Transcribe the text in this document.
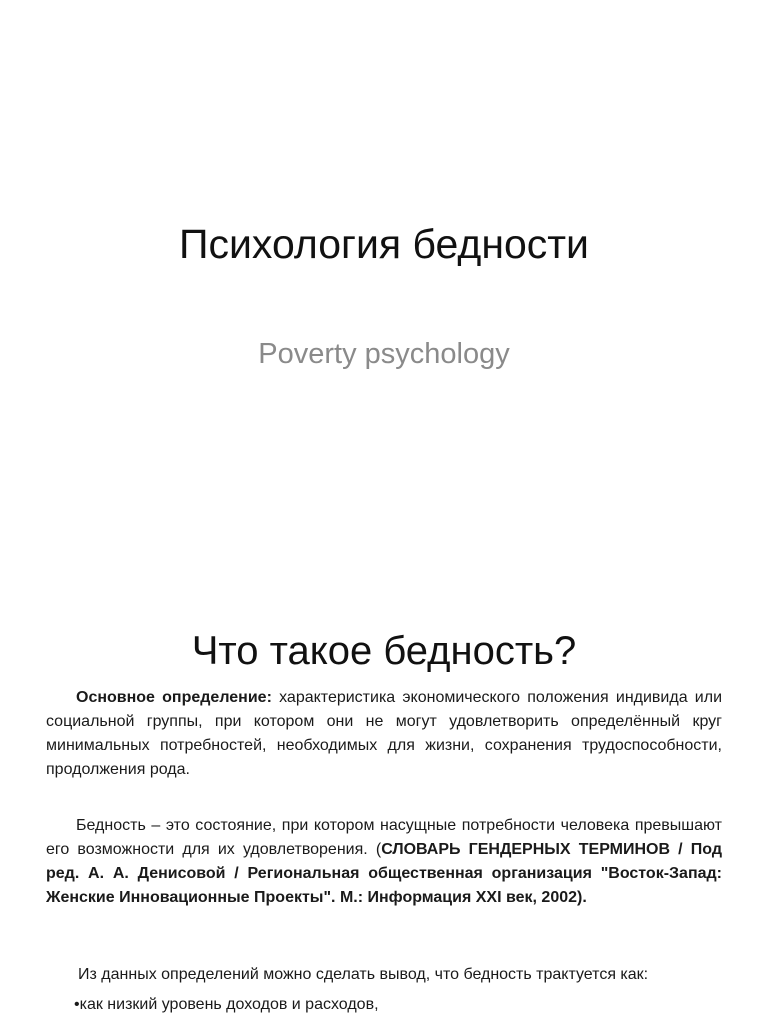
Психология бедности
Poverty psychology
Что такое бедность?
Основное определение: характеристика экономического положения индивида или социальной группы, при котором они не могут удовлетворить определённый круг минимальных потребностей, необходимых для жизни, сохранения трудоспособности, продолжения рода.
Бедность – это состояние, при котором насущные потребности человека превышают его возможности для их удовлетворения. (СЛОВАРЬ ГЕНДЕРНЫХ ТЕРМИНОВ / Под ред. А. А. Денисовой / Региональная общественная организация "Восток-Запад: Женские Инновационные Проекты". М.: Информация XXI век, 2002).
Из данных определений можно сделать вывод, что бедность трактуется как:
•как низкий уровень доходов и расходов,
